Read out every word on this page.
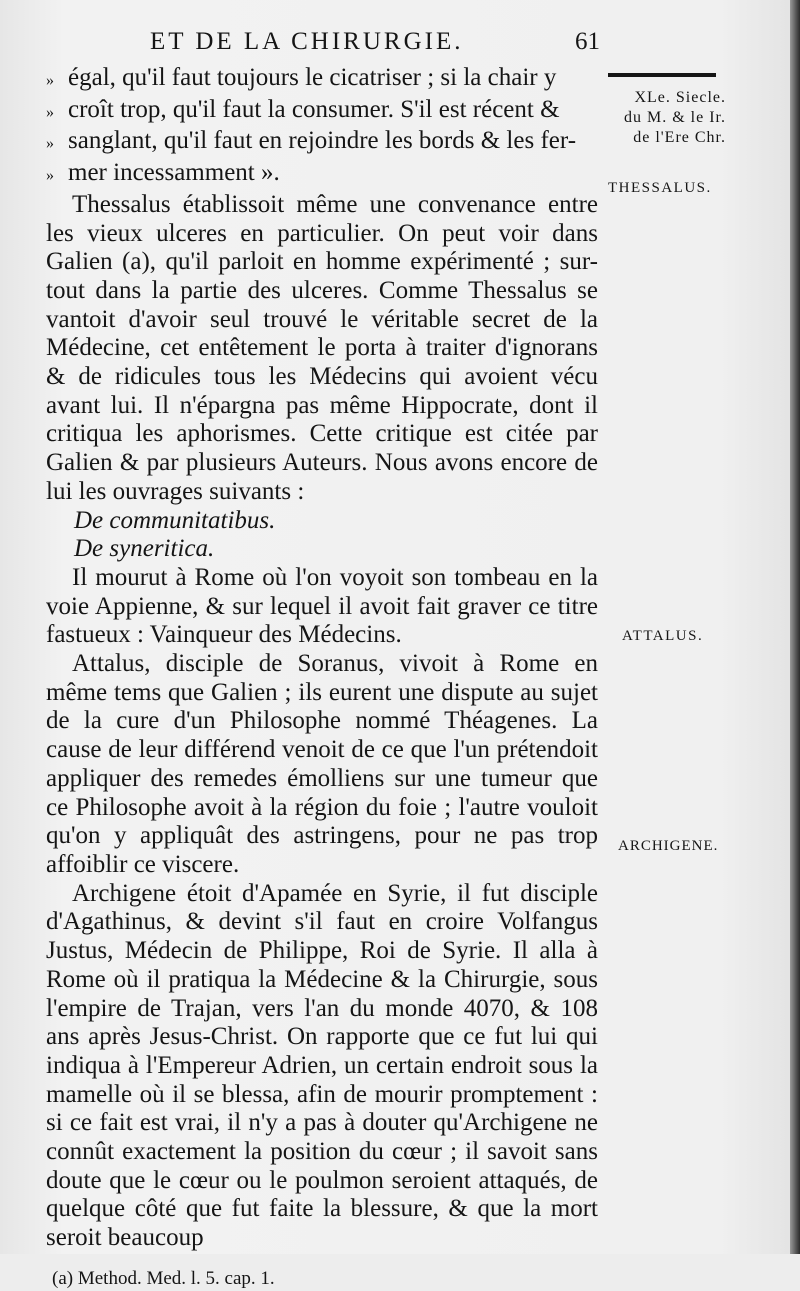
ET DE LA CHIRURGIE.	61

» égal, qu'il faut toujours le cicatriser ; si la chair y

» croît trop, qu'il faut la consumer. S'il est récent &

» sanglant, qu'il faut en rejoindre les bords & les fer-

» mer incessamment ».

Thessalus établissoit même une convenance entre les vieux ulceres en particulier. On peut voir dans Galien (a), qu'il parloit en homme expérimenté ; sur-tout dans la partie des ulceres. Comme Thessalus se vantoit d'avoir seul trouvé le véritable secret de la Médecine, cet entêtement le porta à traiter d'ignorans & de ridicules tous les Médecins qui avoient vécu avant lui. Il n'épargna pas même Hippocrate, dont il critiqua les aphorismes. Cette critique est citée par Galien & par plusieurs Auteurs. Nous avons encore de lui les ouvrages suivants :

De communitatibus.

De syneritica.

Il mourut à Rome où l'on voyoit son tombeau en la voie Appienne, & sur lequel il avoit fait graver ce titre fastueux : Vainqueur des Médecins.

Attalus, disciple de Soranus, vivoit à Rome en même tems que Galien ; ils eurent une dispute au sujet de la cure d'un Philosophe nommé Théagenes. La cause de leur différend venoit de ce que l'un prétendoit appliquer des remedes émolliens sur une tumeur que ce Philosophe avoit à la région du foie ; l'autre vouloit qu'on y appliquât des astringens, pour ne pas trop affoiblir ce viscere.

Archigene étoit d'Apamée en Syrie, il fut disciple d'Agathinus, & devint s'il faut en croire Volfangus Justus, Médecin de Philippe, Roi de Syrie. Il alla à Rome où il pratiqua la Médecine & la Chirurgie, sous l'empire de Trajan, vers l'an du monde 4070, & 108 ans après Jesus-Christ. On rapporte que ce fut lui qui indiqua à l'Empereur Adrien, un certain endroit sous la mamelle où il se blessa, afin de mourir promptement : si ce fait est vrai, il n'y a pas à douter qu'Archigene ne connût exactement la position du cœur ; il savoit sans doute que le cœur ou le poulmon seroient attaqués, de quelque côté que fut faite la blessure, & que la mort seroit beaucoup

(a) Method. Med. l. 5. cap. 1.

XLe. Siecle.
du M. & le Ir.
de l'Ere Chr.
THESSALUS.
ATTALUS.
ARCHIGENE.
